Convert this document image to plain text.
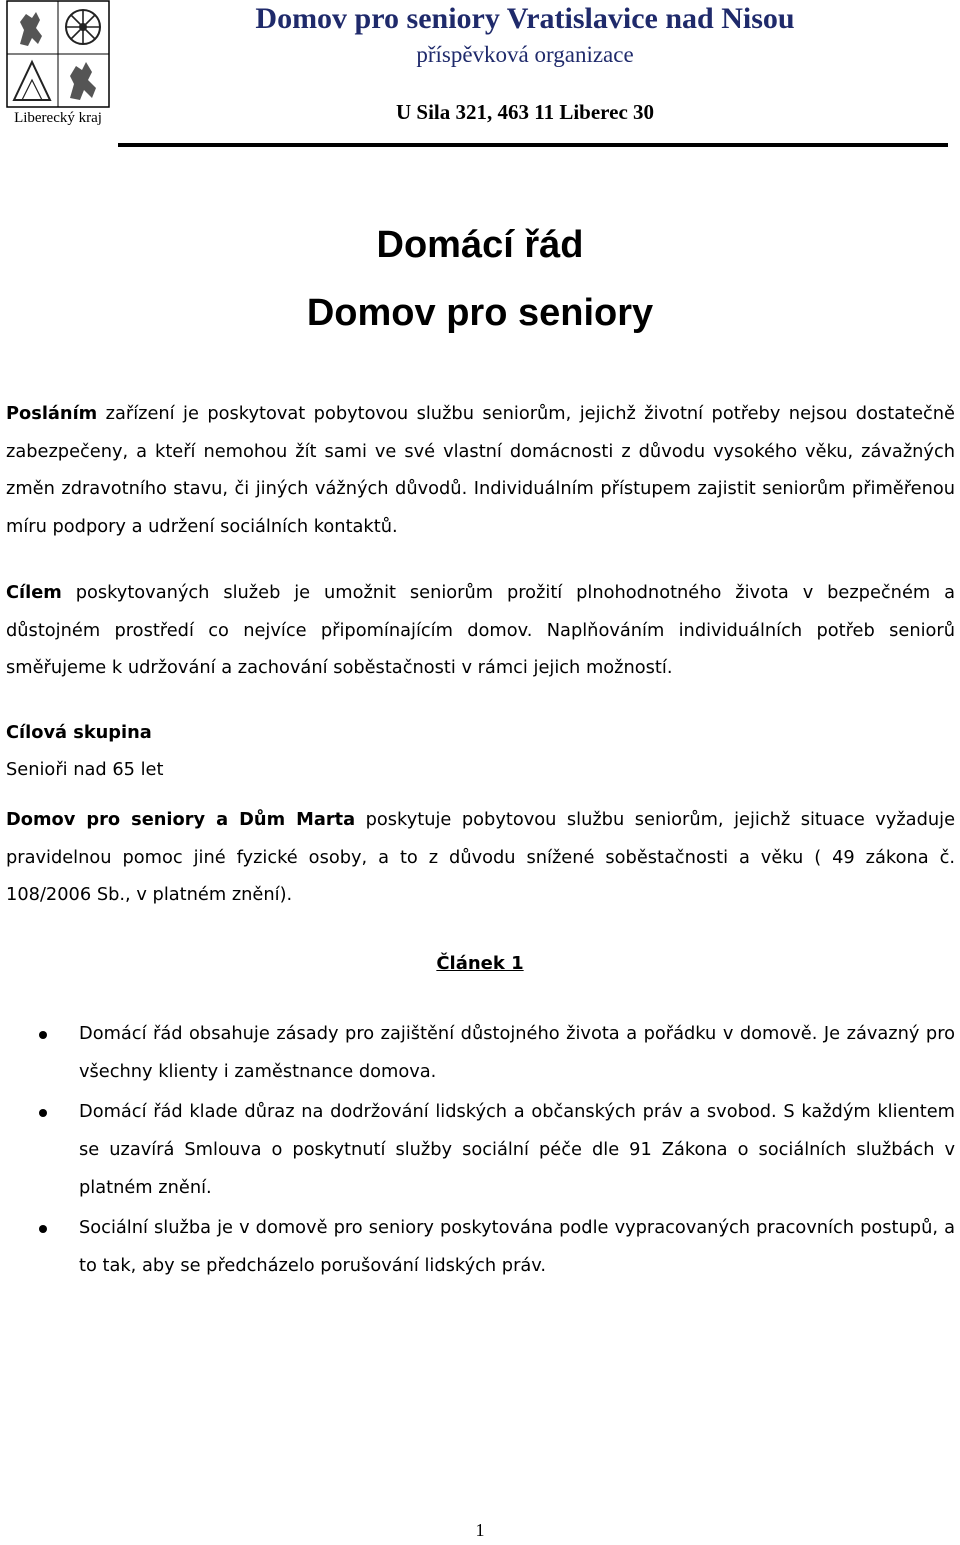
Liberecký kraj
Domov pro seniory Vratislavice nad Nisou
příspěvková organizace
U Sila 321, 463 11 Liberec 30
Domácí řád
Domov pro seniory
Posláním zařízení je poskytovat pobytovou službu seniorům, jejichž životní potřeby nejsou dostatečně zabezpečeny, a kteří nemohou žít sami ve své vlastní domácnosti z důvodu vysokého věku, závažných změn zdravotního stavu, či jiných vážných důvodů. Individuálním přístupem zajistit seniorům přiměřenou míru podpory a udržení sociálních kontaktů.
Cílem poskytovaných služeb je umožnit seniorům prožití plnohodnotného života v bezpečném a důstojném prostředí co nejvíce připomínajícím domov. Naplňováním individuálních potřeb seniorů směřujeme k udržování a zachování soběstačnosti v rámci jejich možností.
Cílová skupina
Senioři nad 65 let
Domov pro seniory a Dům Marta poskytuje pobytovou službu seniorům, jejichž situace vyžaduje pravidelnou pomoc jiné fyzické osoby, a to z důvodu snížené soběstačnosti a věku ( 49 zákona č. 108/2006 Sb., v platném znění).
Článek 1
Domácí řád obsahuje zásady pro zajištění důstojného života a pořádku v domově. Je závazný pro všechny klienty i zaměstnance domova.
Domácí řád klade důraz na dodržování lidských a občanských práv a svobod. S každým klientem se uzavírá Smlouva o poskytnutí služby sociální péče dle 91 Zákona o sociálních službách v platném znění.
Sociální služba je v domově pro seniory poskytována podle vypracovaných pracovních postupů, a to tak, aby se předcházelo porušování lidských práv.
1
